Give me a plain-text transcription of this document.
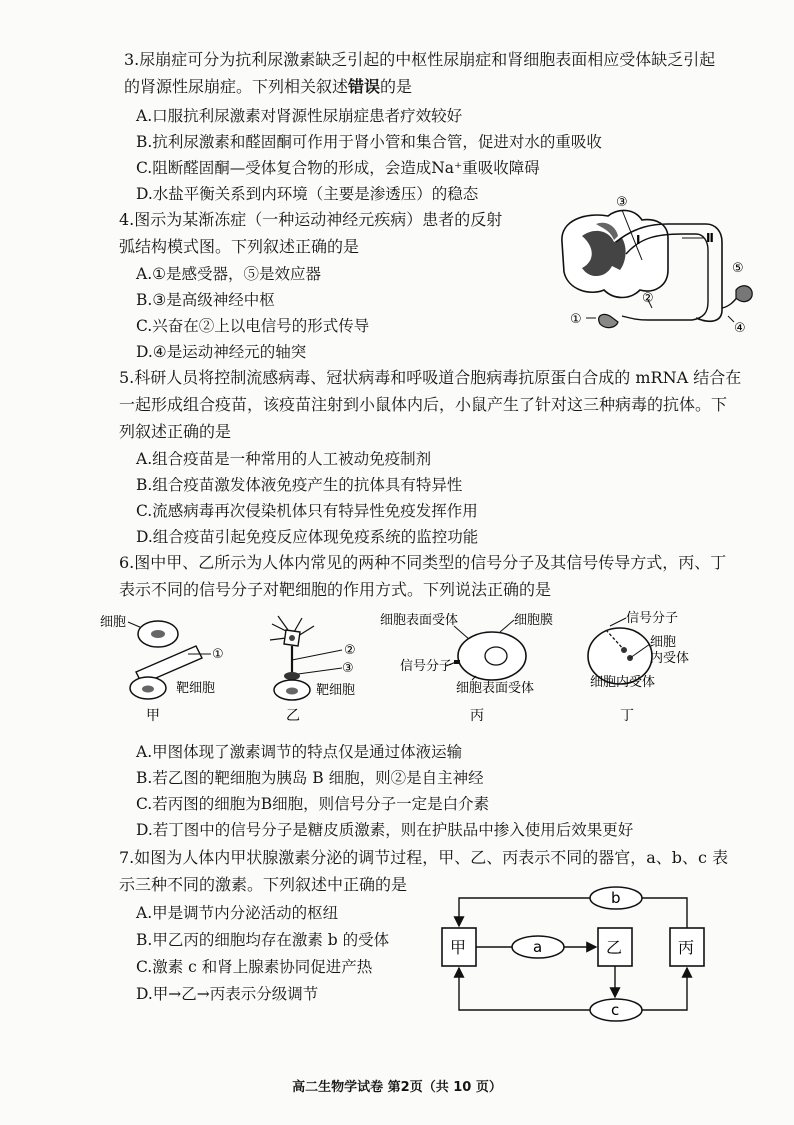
3.尿崩症可分为抗利尿激素缺乏引起的中枢性尿崩症和肾细胞表面相应受体缺乏引起
的肾源性尿崩症。下列相关叙述错误的是
A.口服抗利尿激素对肾源性尿崩症患者疗效较好
B.抗利尿激素和醛固酮可作用于肾小管和集合管，促进对水的重吸收
C.阻断醛固酮—受体复合物的形成，会造成Na⁺重吸收障碍
D.水盐平衡关系到内环境（主要是渗透压）的稳态
4.图示为某渐冻症（一种运动神经元疾病）患者的反射
弧结构模式图。下列叙述正确的是
A.①是感受器，⑤是效应器
B.③是高级神经中枢
C.兴奋在②上以电信号的形式传导
D.④是运动神经元的轴突
③
Ⅰ	Ⅱ
⑤
②
①
④
5.科研人员将控制流感病毒、冠状病毒和呼吸道合胞病毒抗原蛋白合成的 mRNA 结合在
一起形成组合疫苗，该疫苗注射到小鼠体内后，小鼠产生了针对这三种病毒的抗体。下
列叙述正确的是
A.组合疫苗是一种常用的人工被动免疫制剂
B.组合疫苗激发体液免疫产生的抗体具有特异性
C.流感病毒再次侵染机体只有特异性免疫发挥作用
D.组合疫苗引起免疫反应体现免疫系统的监控功能
6.图中甲、乙所示为人体内常见的两种不同类型的信号分子及其信号传导方式，丙、丁
表示不同的信号分子对靶细胞的作用方式。下列说法正确的是
细胞
①
靶细胞
甲
②
③
靶细胞
乙
细胞表面受体	细胞膜
信号分子
细胞表面受体
丙
信号分子
细胞
内受体
细胞内受体
丁
A.甲图体现了激素调节的特点仅是通过体液运输
B.若乙图的靶细胞为胰岛 B 细胞，则②是自主神经
C.若丙图的细胞为B细胞，则信号分子一定是白介素
D.若丁图中的信号分子是糖皮质激素，则在护肤品中掺入使用后效果更好
7.如图为人体内甲状腺激素分泌的调节过程，甲、乙、丙表示不同的器官，a、b、c 表
示三种不同的激素。下列叙述中正确的是
A.甲是调节内分泌活动的枢纽
B.甲乙丙的细胞均存在激素 b 的受体
C.激素 c 和肾上腺素协同促进产热
D.甲→乙→丙表示分级调节
甲	乙	丙
a
b
c
高二生物学试卷 第2页（共 10 页）
